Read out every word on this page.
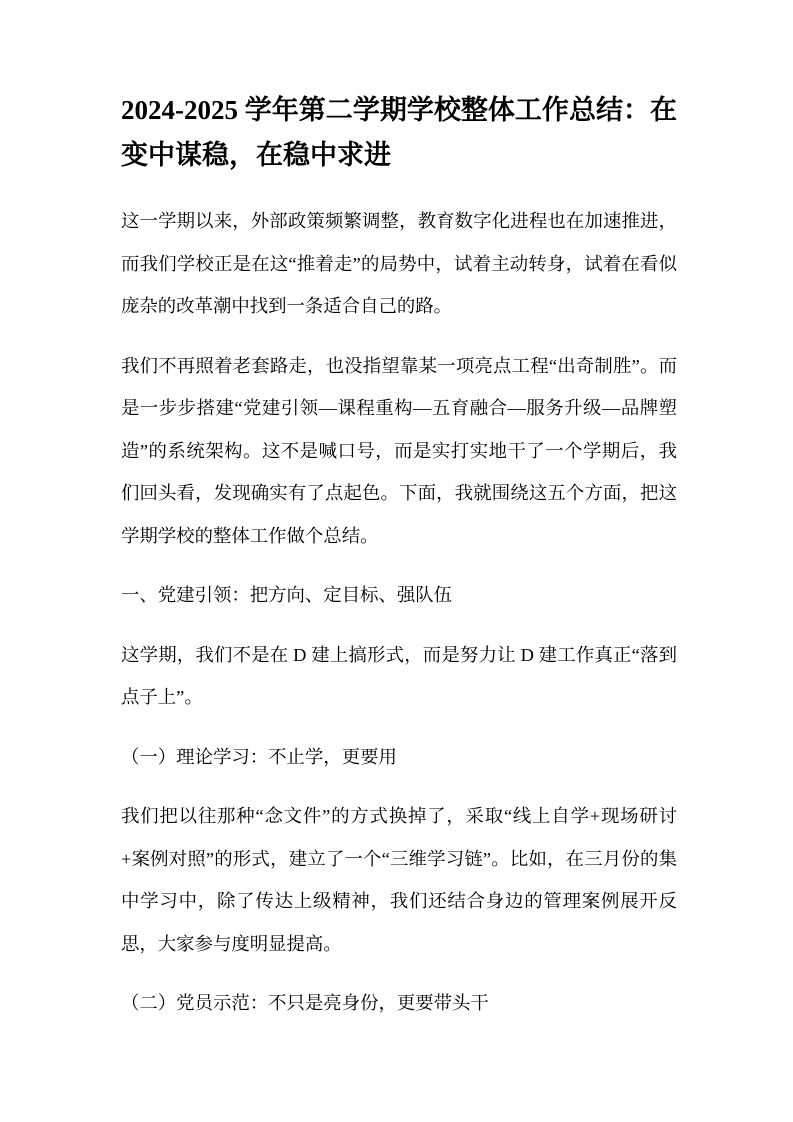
2024-2025 学年第二学期学校整体工作总结：在变中谋稳，在稳中求进

这一学期以来，外部政策频繁调整，教育数字化进程也在加速推进，而我们学校正是在这“推着走”的局势中，试着主动转身，试着在看似庞杂的改革潮中找到一条适合自己的路。

我们不再照着老套路走，也没指望靠某一项亮点工程“出奇制胜”。而是一步步搭建“党建引领—课程重构—五育融合—服务升级—品牌塑造”的系统架构。这不是喊口号，而是实打实地干了一个学期后，我们回头看，发现确实有了点起色。下面，我就围绕这五个方面，把这学期学校的整体工作做个总结。

一、党建引领：把方向、定目标、强队伍

这学期，我们不是在 D 建上搞形式，而是努力让 D 建工作真正“落到点子上”。

（一）理论学习：不止学，更要用

我们把以往那种“念文件”的方式换掉了，采取“线上自学+现场研讨+案例对照”的形式，建立了一个“三维学习链”。比如，在三月份的集中学习中，除了传达上级精神，我们还结合身边的管理案例展开反思，大家参与度明显提高。

（二）党员示范：不只是亮身份，更要带头干
